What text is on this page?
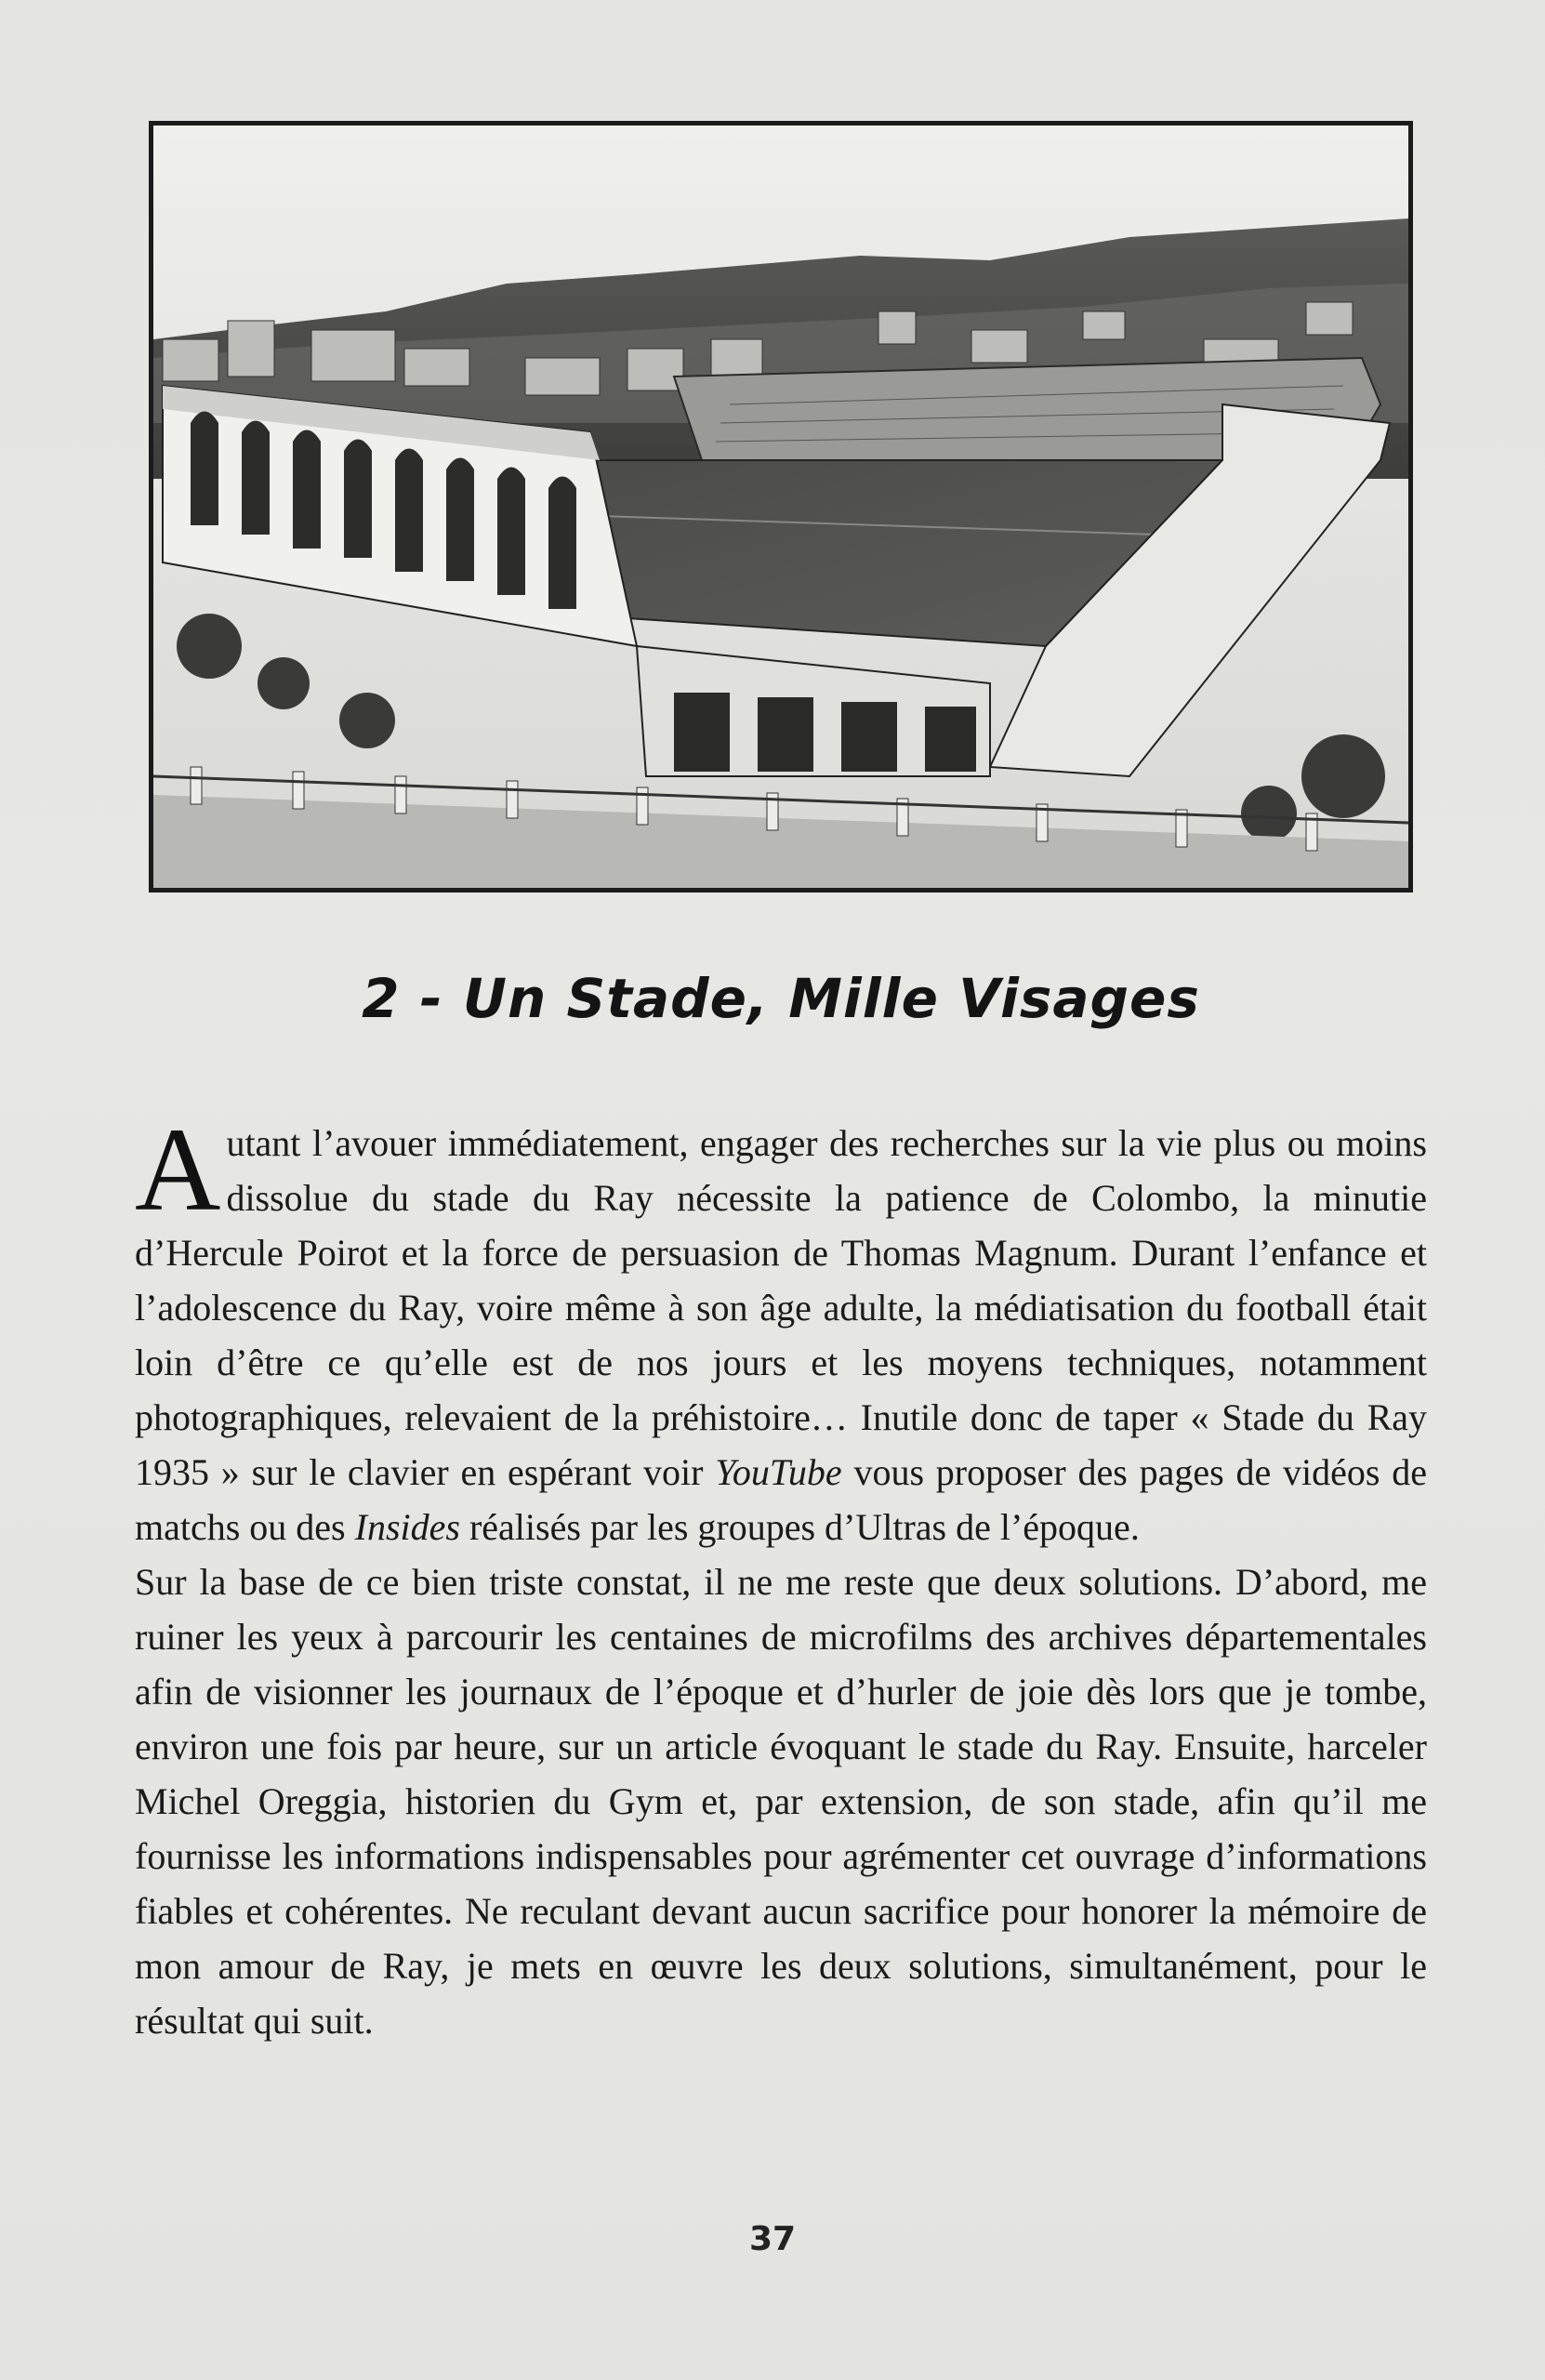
2 - Un Stade, Mille Visages

Autant l’avouer immédiatement, engager des recherches sur la vie plus ou moins dissolue du stade du Ray nécessite la patience de Colombo, la minutie d’Hercule Poirot et la force de persuasion de Thomas Magnum. Durant l’enfance et l’adolescence du Ray, voire même à son âge adulte, la médiatisation du football était loin d’être ce qu’elle est de nos jours et les moyens techniques, notamment photographiques, relevaient de la préhistoire… Inutile donc de taper « Stade du Ray 1935 » sur le clavier en espérant voir YouTube vous proposer des pages de vidéos de matchs ou des Insides réalisés par les groupes d’Ultras de l’époque.

Sur la base de ce bien triste constat, il ne me reste que deux solutions. D’abord, me ruiner les yeux à parcourir les centaines de microfilms des archives départementales afin de visionner les journaux de l’époque et d’hurler de joie dès lors que je tombe, environ une fois par heure, sur un article évoquant le stade du Ray. Ensuite, harceler Michel Oreggia, historien du Gym et, par extension, de son stade, afin qu’il me fournisse les informations indispensables pour agrémenter cet ouvrage d’informations fiables et cohérentes. Ne reculant devant aucun sacrifice pour honorer la mémoire de mon amour de Ray, je mets en œuvre les deux solutions, simultanément, pour le résultat qui suit.

37
